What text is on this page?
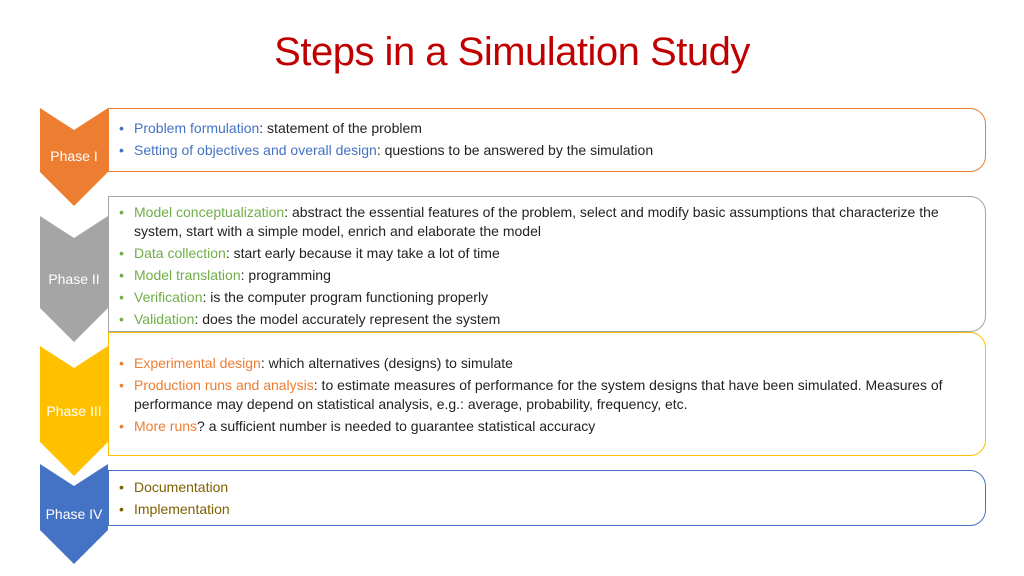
Steps in a Simulation Study
Phase I
• Problem formulation: statement of the problem
• Setting of objectives and overall design: questions to be answered by the simulation
Phase II
• Model conceptualization: abstract the essential features of the problem, select and modify basic assumptions that characterize the system, start with a simple model, enrich and elaborate the model
• Data collection: start early because it may take a lot of time
• Model translation: programming
• Verification: is the computer program functioning properly
• Validation: does the model accurately represent the system
Phase III
• Experimental design: which alternatives (designs) to simulate
• Production runs and analysis: to estimate measures of performance for the system designs that have been simulated. Measures of performance may depend on statistical analysis, e.g.: average, probability, frequency, etc.
• More runs? a sufficient number is needed to guarantee statistical accuracy
Phase IV
• Documentation
• Implementation
